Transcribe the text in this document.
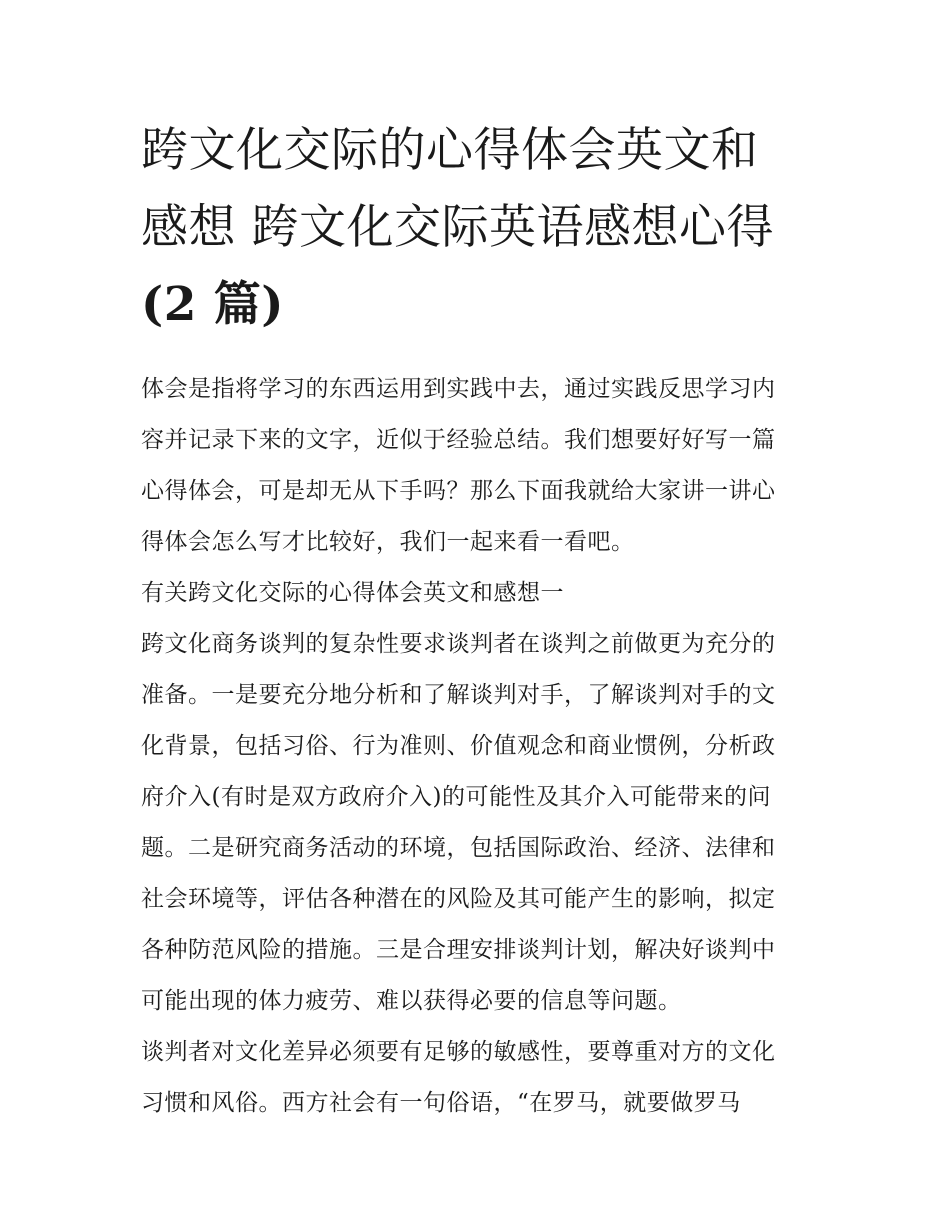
跨文化交际的心得体会英文和
感想 跨文化交际英语感想心得
(2 篇)

体会是指将学习的东西运用到实践中去，通过实践反思学习内
容并记录下来的文字，近似于经验总结。我们想要好好写一篇
心得体会，可是却无从下手吗？那么下面我就给大家讲一讲心
得体会怎么写才比较好，我们一起来看一看吧。

有关跨文化交际的心得体会英文和感想一

跨文化商务谈判的复杂性要求谈判者在谈判之前做更为充分的
准备。一是要充分地分析和了解谈判对手，了解谈判对手的文
化背景，包括习俗、行为准则、价值观念和商业惯例，分析政
府介入(有时是双方政府介入)的可能性及其介入可能带来的问
题。二是研究商务活动的环境，包括国际政治、经济、法律和
社会环境等，评估各种潜在的风险及其可能产生的影响，拟定
各种防范风险的措施。三是合理安排谈判计划，解决好谈判中
可能出现的体力疲劳、难以获得必要的信息等问题。

谈判者对文化差异必须要有足够的敏感性，要尊重对方的文化
习惯和风俗。西方社会有一句俗语，“在罗马，就要做罗马
